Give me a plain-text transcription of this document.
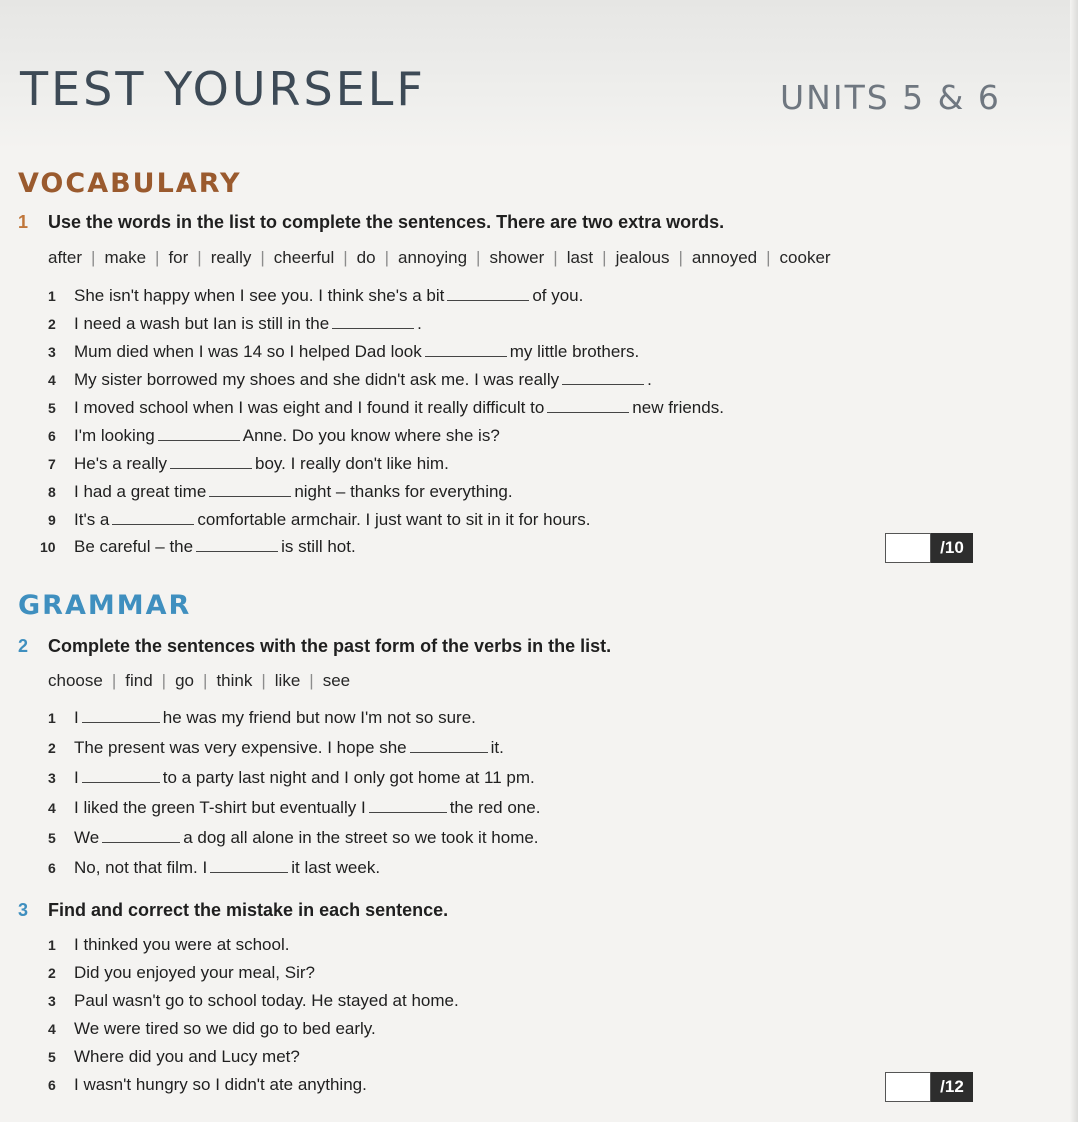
TEST YOURSELF	UNITS 5 & 6
VOCABULARY
1 Use the words in the list to complete the sentences. There are two extra words.
after | make | for | really | cheerful | do | annoying | shower | last | jealous | annoyed | cooker
1	She isn't happy when I see you. I think she's a bit	of you.
2	I need a wash but Ian is still in the	.
3	Mum died when I was 14 so I helped Dad look	my little brothers.
4	My sister borrowed my shoes and she didn't ask me. I was really	.
5	I moved school when I was eight and I found it really difficult to	new friends.
6	I'm looking	Anne. Do you know where she is?
7	He's a really	boy. I really don't like him.
8	I had a great time	night – thanks for everything.
9	It's a	comfortable armchair. I just want to sit in it for hours.
10	Be careful – the	is still hot.	/10
GRAMMAR
2 Complete the sentences with the past form of the verbs in the list.
choose | find | go | think | like | see
1	I	he was my friend but now I'm not so sure.
2	The present was very expensive. I hope she	it.
3	I	to a party last night and I only got home at 11 pm.
4	I liked the green T-shirt but eventually I	the red one.
5	We	a dog all alone in the street so we took it home.
6	No, not that film. I	it last week.
3 Find and correct the mistake in each sentence.
1	I thinked you were at school.
2	Did you enjoyed your meal, Sir?
3	Paul wasn't go to school today. He stayed at home.
4	We were tired so we did go to bed early.
5	Where did you and Lucy met?
6	I wasn't hungry so I didn't ate anything.	/12
